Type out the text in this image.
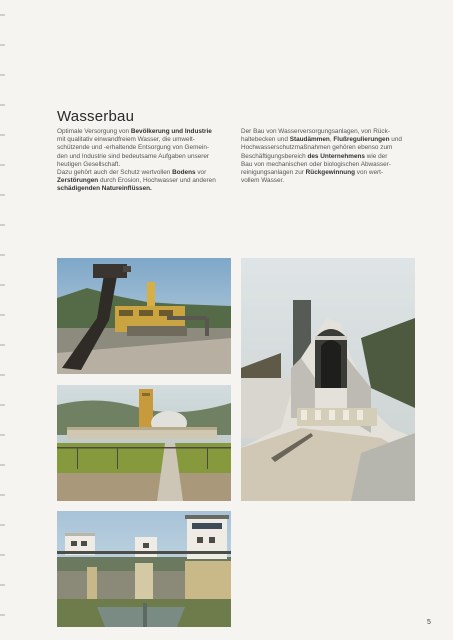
Wasserbau

Optimale Versorgung von Bevölkerung und Industrie

mit qualitativ einwandfreiem Wasser, die umwelt-

schützende und -erhaltende Entsorgung von Gemein-

den und Industrie sind bedeutsame Aufgaben unserer

heutigen Gesellschaft.

Dazu gehört auch der Schutz wertvollen Bodens vor

Zerstörungen durch Erosion, Hochwasser und anderen

schädigenden Natureinflüssen.

Der Bau von Wasserversorgungsanlagen, von Rück-

haltebecken und Staudämmen, Flußregulierungen und

Hochwasserschutzmaßnahmen gehören ebenso zum

Beschäftigungsbereich des Unternehmens wie der

Bau von mechanischen oder biologischen Abwasser-

reinigungsanlagen zur Rückgewinnung von wert-

vollem Wasser.

5
